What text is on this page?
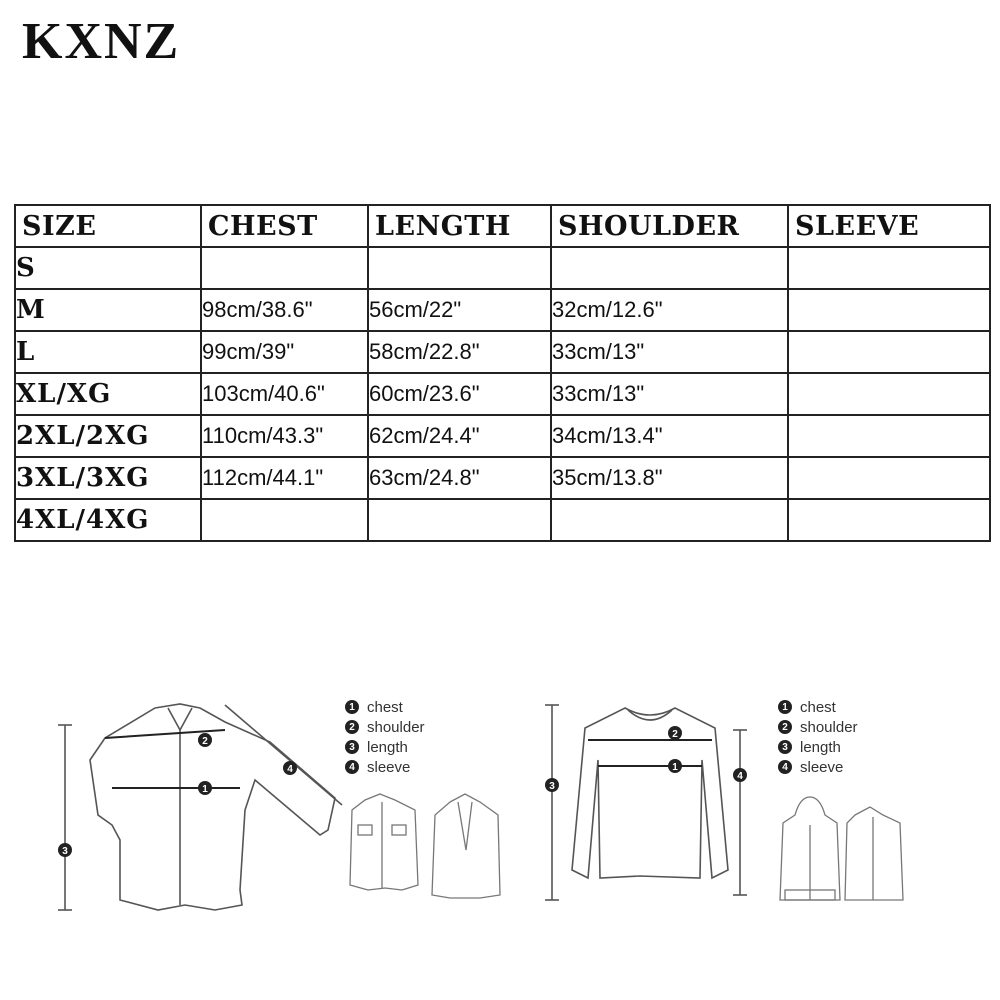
KXNZ
SIZE	CHEST	LENGTH	SHOULDER	SLEEVE
S				
M	98cm/38.6"	56cm/22"	32cm/12.6"	
L	99cm/39"	58cm/22.8"	33cm/13"	
XL/XG	103cm/40.6"	60cm/23.6"	33cm/13"	
2XL/2XG	110cm/43.3"	62cm/24.4"	34cm/13.4"	
3XL/3XG	112cm/44.1"	63cm/24.8"	35cm/13.8"	
4XL/4XG				
3
2
1
4
1 chest
2 shoulder
3 length
4 sleeve
3
2
1
4
1 chest
2 shoulder
3 length
4 sleeve
